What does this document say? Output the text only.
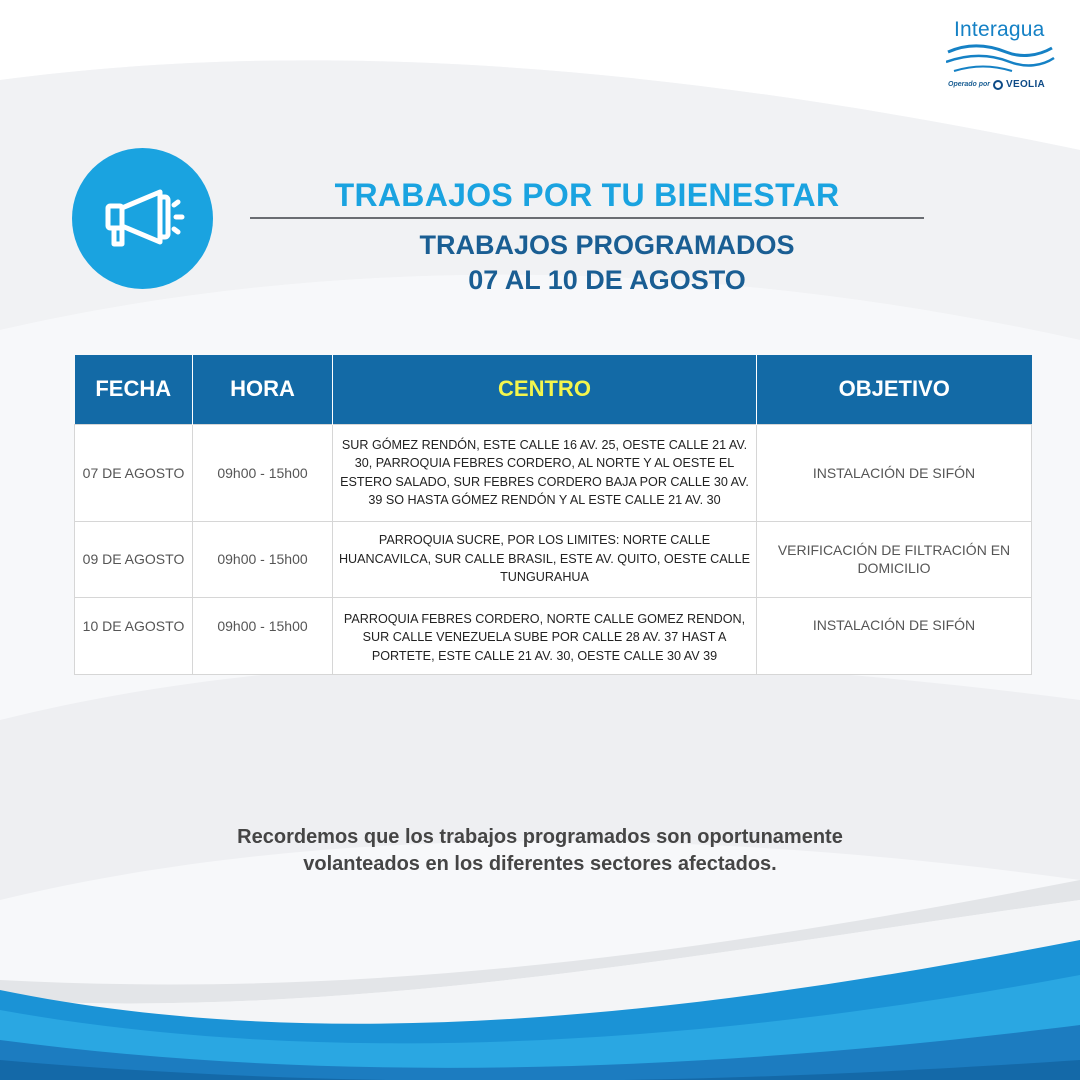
Interagua
Operado por VEOLIA
TRABAJOS POR TU BIENESTAR
TRABAJOS PROGRAMADOS
07 AL 10 DE AGOSTO
FECHA	HORA	CENTRO	OBJETIVO
07 DE AGOSTO	09h00 - 15h00	SUR GÓMEZ RENDÓN, ESTE CALLE 16 AV. 25, OESTE CALLE 21 AV. 30, PARROQUIA FEBRES CORDERO, AL NORTE Y AL OESTE EL ESTERO SALADO, SUR FEBRES CORDERO BAJA POR CALLE 30 AV. 39 SO HASTA GÓMEZ RENDÓN Y AL ESTE CALLE 21 AV. 30	INSTALACIÓN DE SIFÓN
09 DE AGOSTO	09h00 - 15h00	PARROQUIA SUCRE, POR LOS LIMITES: NORTE CALLE HUANCAVILCA, SUR CALLE BRASIL, ESTE AV. QUITO, OESTE CALLE TUNGURAHUA	VERIFICACIÓN DE FILTRACIÓN EN DOMICILIO
10 DE AGOSTO	09h00 - 15h00	PARROQUIA FEBRES CORDERO, NORTE CALLE GOMEZ RENDON, SUR CALLE VENEZUELA SUBE POR CALLE 28 AV. 37 HAST A PORTETE, ESTE CALLE 21 AV. 30, OESTE CALLE 30 AV 39	INSTALACIÓN DE SIFÓN
Recordemos que los trabajos programados son oportunamente
volanteados en los diferentes sectores afectados.
